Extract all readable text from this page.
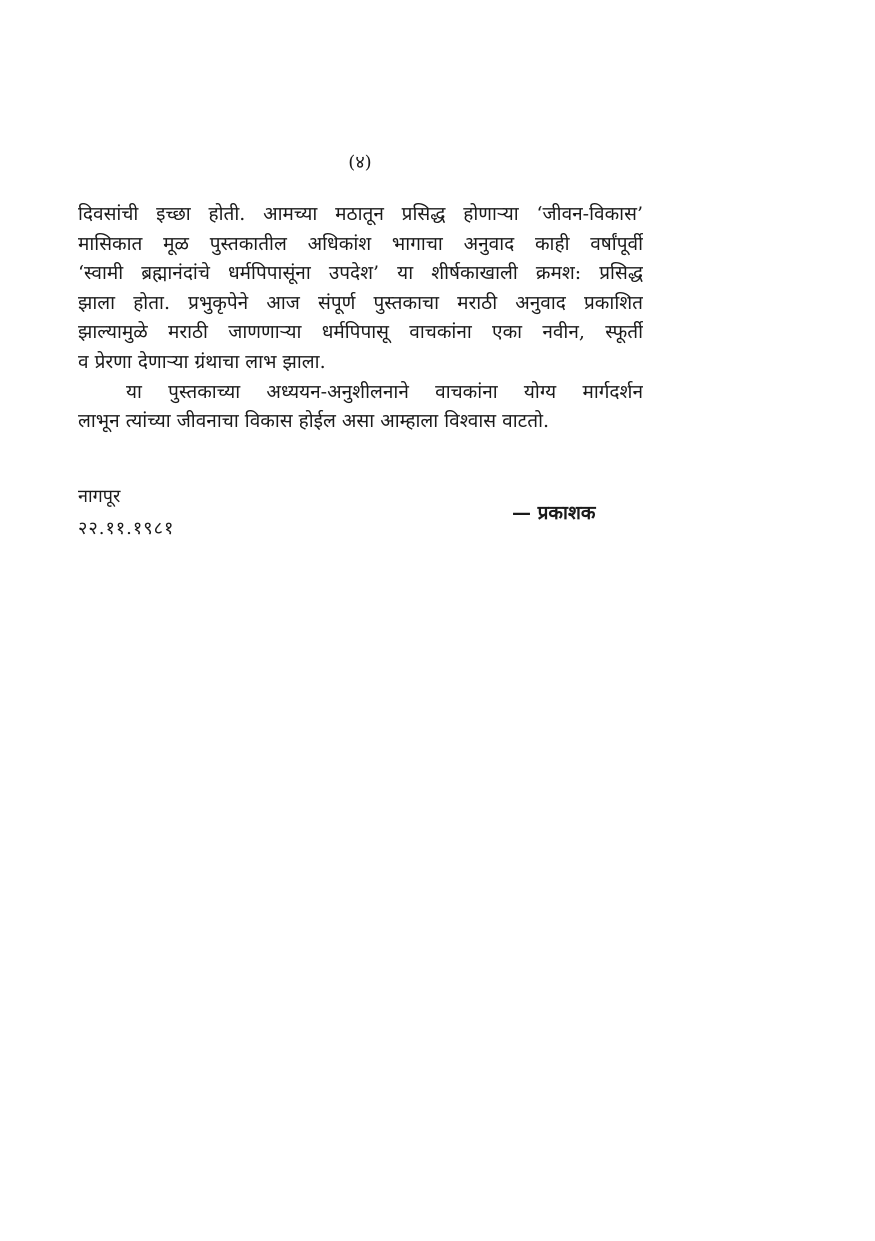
(४)

दिवसांची इच्छा होती. आमच्या मठातून प्रसिद्ध होणाऱ्या ‘जीवन-विकास’
मासिकात मूळ पुस्तकातील अधिकांश भागाचा अनुवाद काही वर्षांपूर्वी
‘स्वामी ब्रह्मानंदांचे धर्मपिपासूंना उपदेश’ या शीर्षकाखाली क्रमश: प्रसिद्ध
झाला होता. प्रभुकृपेने आज संपूर्ण पुस्तकाचा मराठी अनुवाद प्रकाशित
झाल्यामुळे मराठी जाणणाऱ्या धर्मपिपासू वाचकांना एका नवीन, स्फूर्ती
व प्रेरणा देणाऱ्या ग्रंथाचा लाभ झाला.

या पुस्तकाच्या अध्ययन-अनुशीलनाने वाचकांना योग्य मार्गदर्शन
लाभून त्यांच्या जीवनाचा विकास होईल असा आम्हाला विश्वास वाटतो.

नागपूर
२२.११.१९८१
— प्रकाशक
